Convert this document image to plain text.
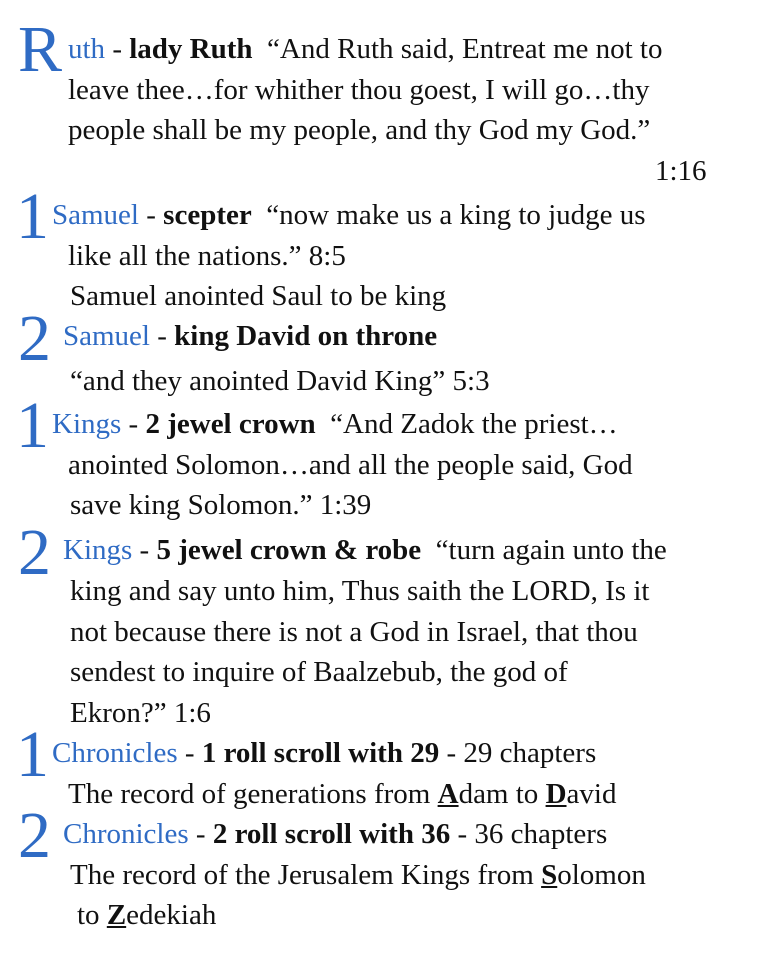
R uth - lady Ruth “And Ruth said, Entreat me not to
leave thee…for whither thou goest, I will go…thy
people shall be my people, and thy God my God.”
1:16
1 Samuel - scepter “now make us a king to judge us
like all the nations.” 8:5
Samuel anointed Saul to be king
2 Samuel - king David on throne
“and they anointed David King” 5:3
1 Kings - 2 jewel crown “And Zadok the priest…
anointed Solomon…and all the people said, God
save king Solomon.” 1:39
2 Kings - 5 jewel crown & robe “turn again unto the
king and say unto him, Thus saith the LORD, Is it
not because there is not a God in Israel, that thou
sendest to inquire of Baalzebub, the god of
Ekron?” 1:6
1 Chronicles - 1 roll scroll with 29 - 29 chapters
The record of generations from Adam to David
2 Chronicles - 2 roll scroll with 36 - 36 chapters
The record of the Jerusalem Kings from Solomon
to Zedekiah
